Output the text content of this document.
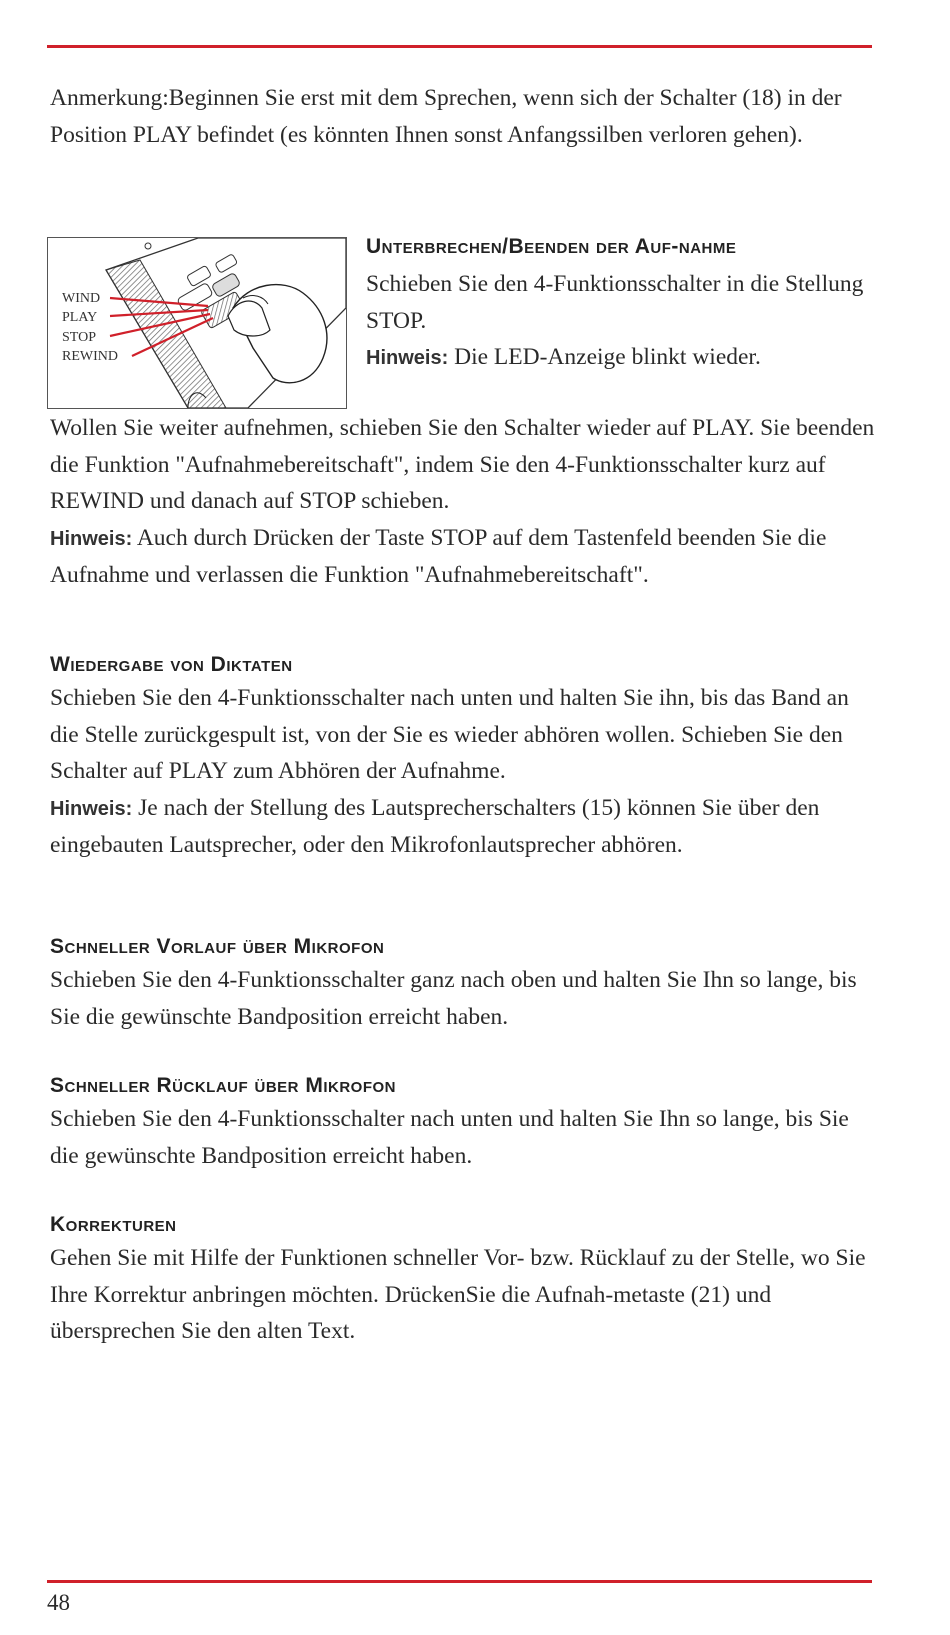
Anmerkung:Beginnen Sie erst mit dem Sprechen, wenn sich der Schalter (18) in der Position PLAY befindet (es könnten Ihnen sonst Anfangssilben verloren gehen).

WIND
PLAY
STOP
REWIND
Unterbrechen/Beenden der Auf-nahme

Schieben Sie den 4-Funktionsschalter in die Stellung STOP.

Hinweis: Die LED-Anzeige blinkt wieder.

Wollen Sie weiter aufnehmen, schieben Sie den Schalter wieder auf PLAY. Sie beenden die Funktion "Aufnahmebereitschaft", indem Sie den 4-Funktionsschalter kurz auf REWIND und danach auf STOP schieben.

Hinweis: Auch durch Drücken der Taste STOP auf dem Tastenfeld beenden Sie die Aufnahme und verlassen die Funktion "Aufnahmebereitschaft".

Wiedergabe von Diktaten

Schieben Sie den 4-Funktionsschalter nach unten und halten Sie ihn, bis das Band an die Stelle zurückgespult ist, von der Sie es wieder abhören wollen. Schieben Sie den Schalter auf PLAY zum Abhören der Aufnahme.

Hinweis: Je nach der Stellung des Lautsprecherschalters (15) können Sie über den eingebauten Lautsprecher, oder den Mikrofonlautsprecher abhören.

Schneller Vorlauf über Mikrofon

Schieben Sie den 4-Funktionsschalter ganz nach oben und halten Sie Ihn so lange, bis Sie die gewünschte Bandposition erreicht haben.

Schneller Rücklauf über Mikrofon

Schieben Sie den 4-Funktionsschalter nach unten und halten Sie Ihn so lange, bis Sie die gewünschte Bandposition erreicht haben.

Korrekturen

Gehen Sie mit Hilfe der Funktionen schneller Vor- bzw. Rücklauf zu der Stelle, wo Sie Ihre Korrektur anbringen möchten. DrückenSie die Aufnah-metaste (21) und übersprechen Sie den alten Text.

48
